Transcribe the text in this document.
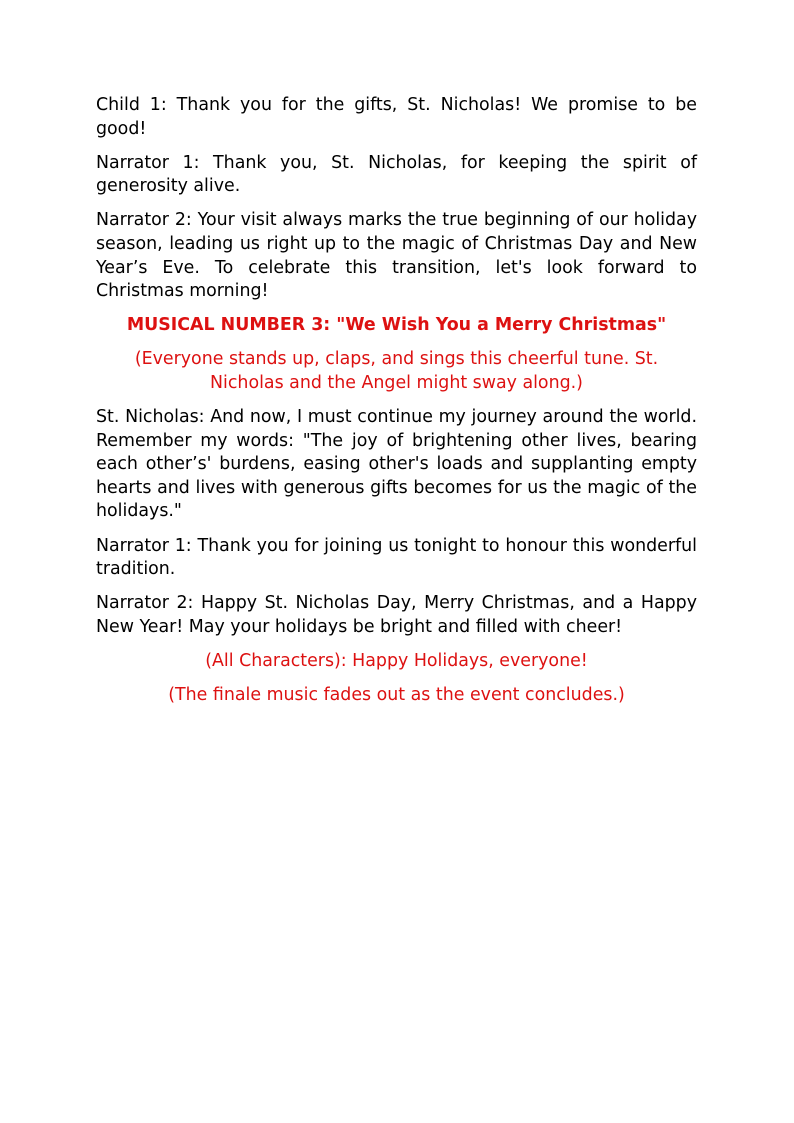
Child 1: Thank you for the gifts, St. Nicholas! We promise to be good!

Narrator 1: Thank you, St. Nicholas, for keeping the spirit of generosity alive.

Narrator 2: Your visit always marks the true beginning of our holiday season, leading us right up to the magic of Christmas Day and New Year’s Eve. To celebrate this transition, let's look forward to Christmas morning!

MUSICAL NUMBER 3: "We Wish You a Merry Christmas"

(Everyone stands up, claps, and sings this cheerful tune. St. Nicholas and the Angel might sway along.)

St. Nicholas: And now, I must continue my journey around the world. Remember my words: "The joy of brightening other lives, bearing each other’s' burdens, easing other's loads and supplanting empty hearts and lives with generous gifts becomes for us the magic of the holidays."

Narrator 1: Thank you for joining us tonight to honour this wonderful tradition.

Narrator 2: Happy St. Nicholas Day, Merry Christmas, and a Happy New Year! May your holidays be bright and filled with cheer!

(All Characters): Happy Holidays, everyone!

(The finale music fades out as the event concludes.)
